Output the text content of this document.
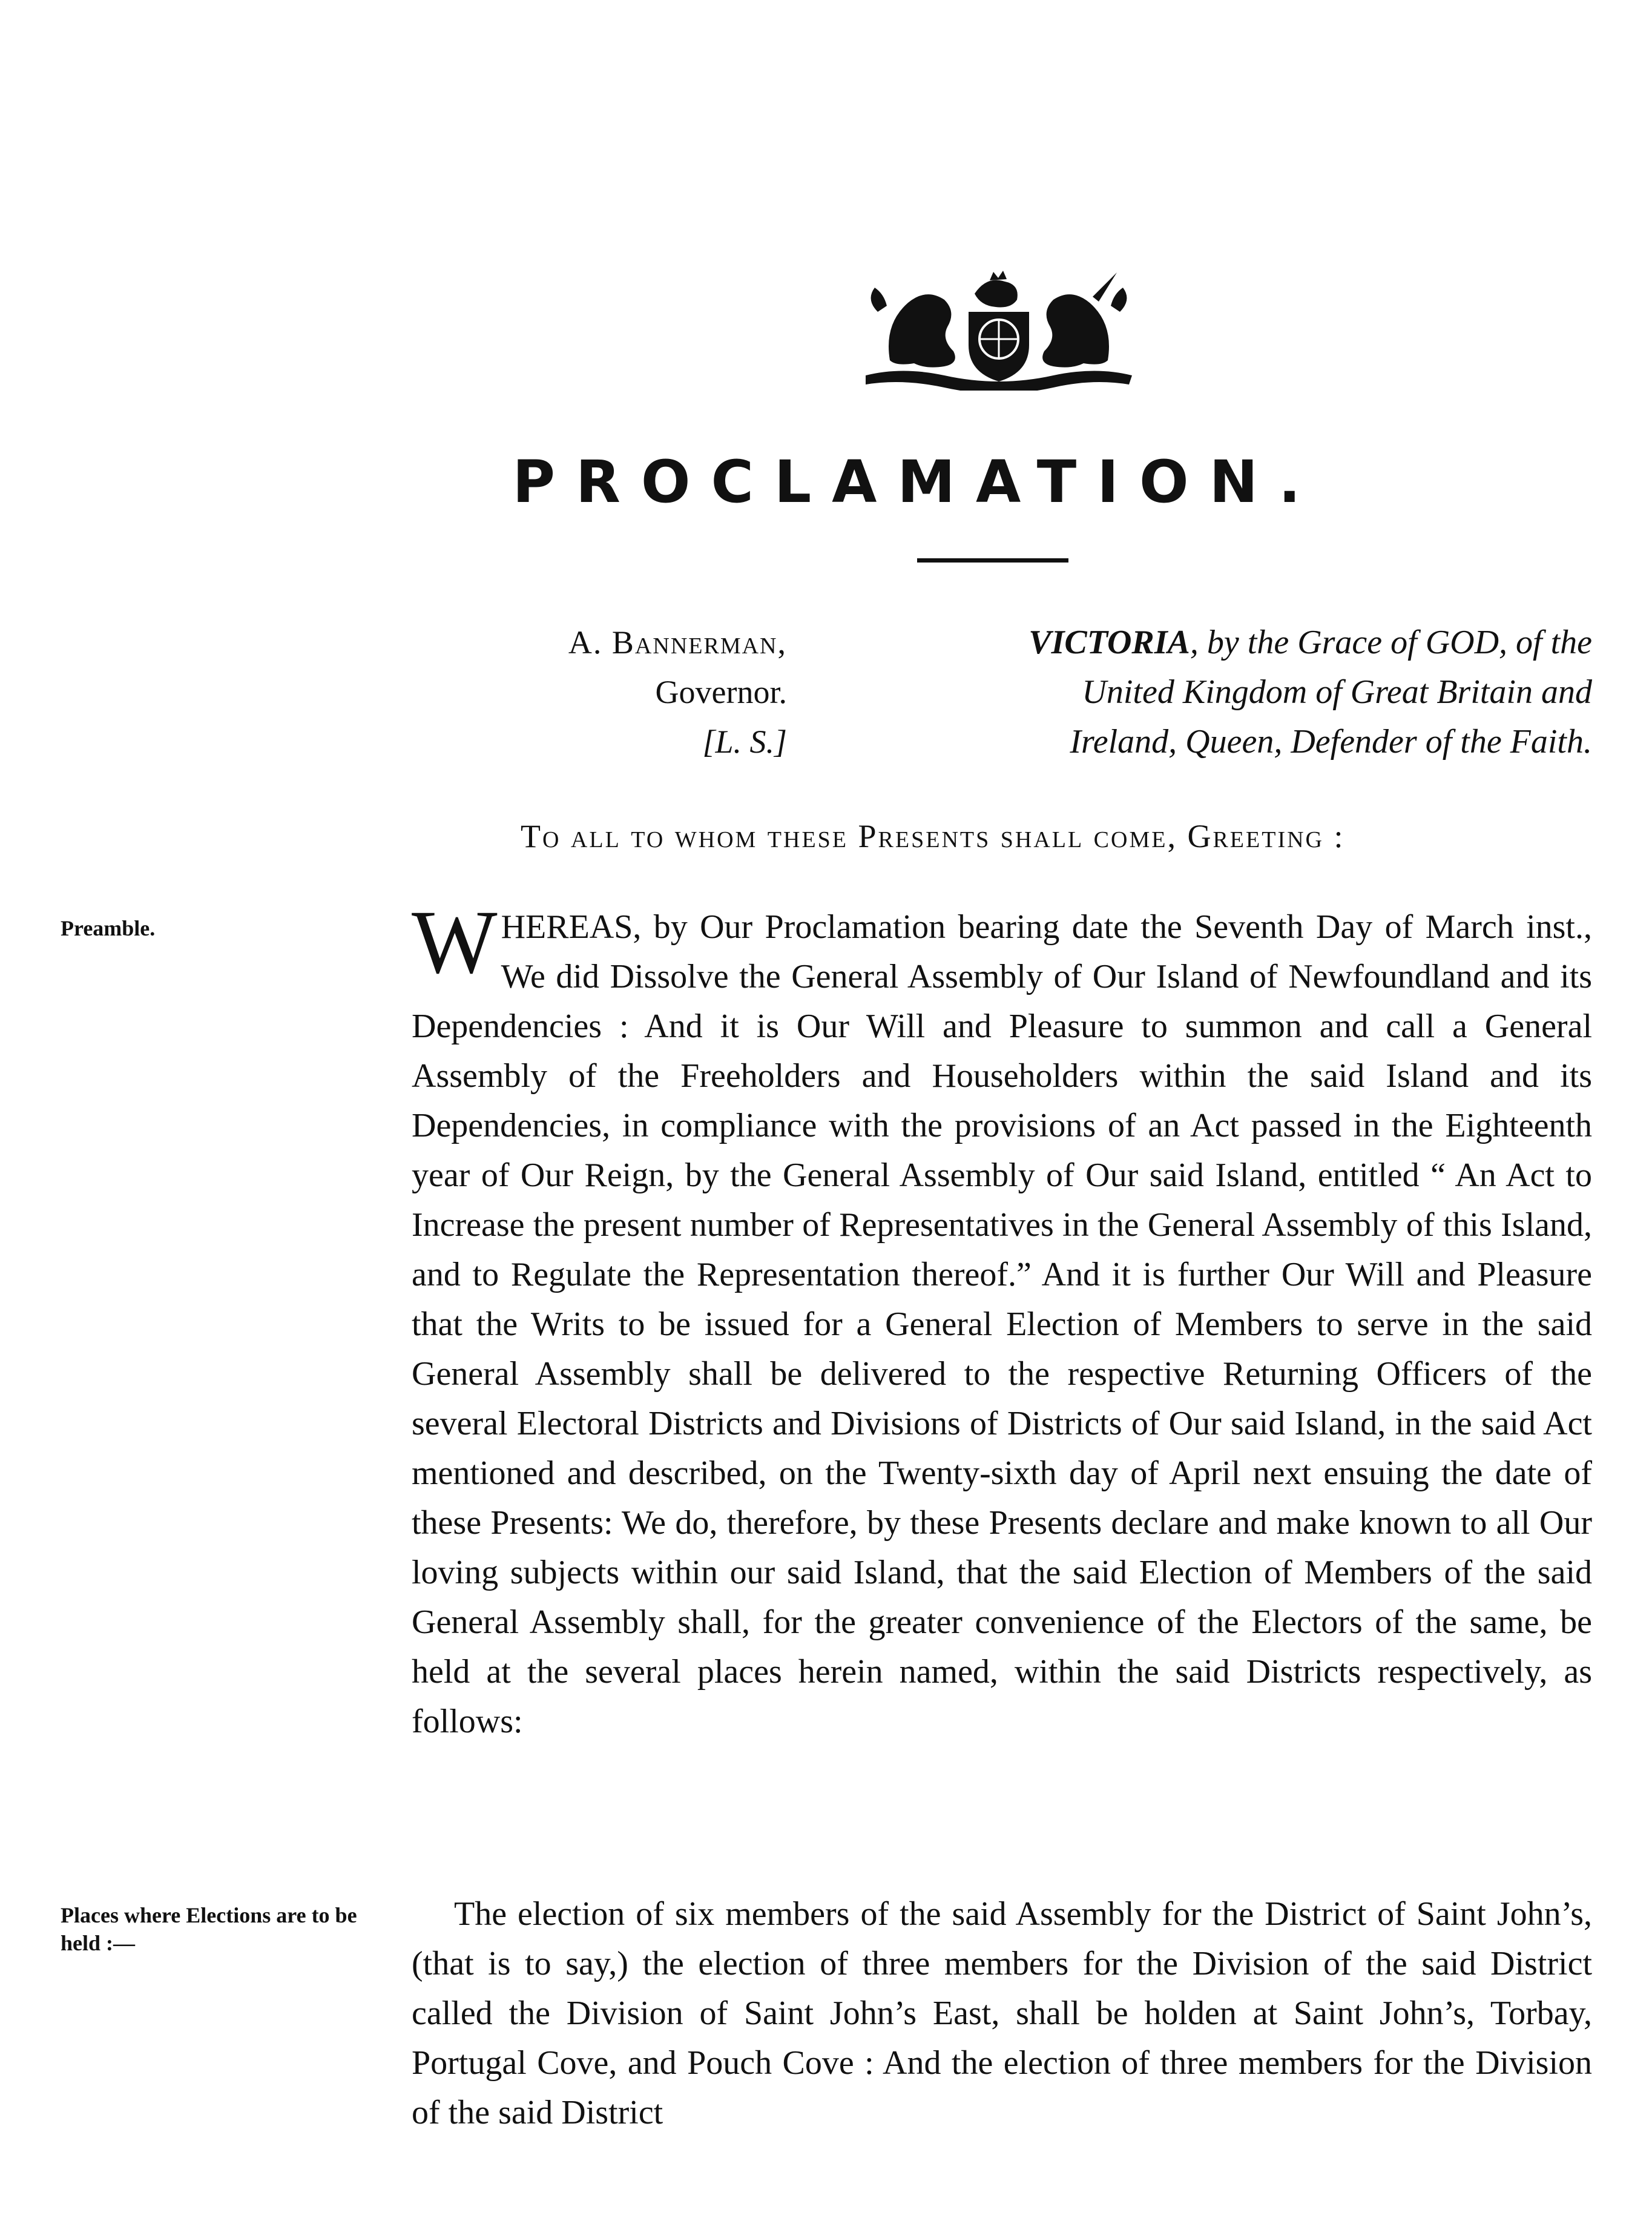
PROCLAMATION.
A. Bannerman,
Governor.
[L. S.]
VICTORIA, by the Grace of GOD, of the
United Kingdom of Great Britain and
Ireland, Queen, Defender of the Faith.
To all to whom these Presents shall come, Greeting :
Preamble.
Places where Elections are to be held :—
WHEREAS, by Our Proclamation bearing date the Seventh Day of March inst., We did Dissolve the General Assembly of Our Island of Newfoundland and its Dependencies : And it is Our Will and Pleasure to summon and call a General Assembly of the Freeholders and Householders within the said Island and its Dependencies, in compliance with the provisions of an Act passed in the Eighteenth year of Our Reign, by the General Assembly of Our said Island, entitled “ An Act to Increase the present number of Representatives in the General Assembly of this Island, and to Regulate the Representation thereof.” And it is further Our Will and Pleasure that the Writs to be issued for a General Election of Members to serve in the said General Assembly shall be delivered to the respective Returning Officers of the several Electoral Districts and Divisions of Districts of Our said Island, in the said Act mentioned and described, on the Twenty-sixth day of April next ensuing the date of these Presents: We do, therefore, by these Presents declare and make known to all Our loving subjects within our said Island, that the said Election of Members of the said General Assembly shall, for the greater convenience of the Electors of the same, be held at the several places herein named, within the said Districts respectively, as follows:
The election of six members of the said Assembly for the District of Saint John’s, (that is to say,) the election of three members for the Division of the said District called the Division of Saint John’s East, shall be holden at Saint John’s, Torbay, Portugal Cove, and Pouch Cove : And the election of three members for the Division of the said District
